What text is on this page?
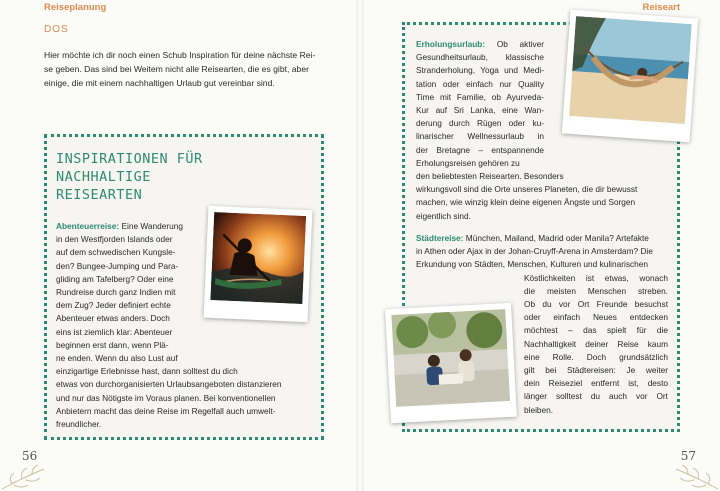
Reiseplanung
DOS
Hier möchte ich dir noch einen Schub Inspiration für deine nächste Rei-
se geben. Das sind bei Weitem nicht alle Reisearten, die es gibt, aber
einige, die mit einem nachhaltigen Urlaub gut vereinbar sind.
INSPIRATIONEN FÜR NACHHALTIGE
REISEARTEN
Abenteuerreise: Eine Wanderung
in den Westfjorden Islands oder
auf dem schwedischen Kungsle-
den? Bungee-Jumping und Para-
gliding am Tafelberg? Oder eine
Rundreise durch ganz Indien mit
dem Zug? Jeder definiert echte
Abenteuer etwas anders. Doch
eins ist ziemlich klar: Abenteuer
beginnen erst dann, wenn Plä-
ne enden. Wenn du also Lust auf
einzigartige Erlebnisse hast, dann solltest du dich
etwas von durchorganisierten Urlaubsangeboten distanzieren
und nur das Nötigste im Voraus planen. Bei konventionellen
Anbietern macht das deine Reise im Regelfall auch umwelt-
freundlicher.
56
Reiseart
Erholungsurlaub: Ob aktiver
Gesundheitsurlaub, klassische
Stranderholung, Yoga und Medi-
tation oder einfach nur Quality
Time mit Familie, ob Ayurveda-
Kur auf Sri Lanka, eine Wan-
derung durch Rügen oder ku-
linarischer Wellnessurlaub in
der Bretagne – entspannende
Erholungsreisen gehören zu
den beliebtesten Reisearten. Besonders
wirkungsvoll sind die Orte unseres Planeten, die dir bewusst
machen, wie winzig klein deine eigenen Ängste und Sorgen
eigentlich sind.
Städtereise: München, Mailand, Madrid oder Manila? Artefakte
in Athen oder Ajax in der Johan-Cruyff-Arena in Amsterdam? Die
Erkundung von Städten, Menschen, Kulturen und kulinarischen
Köstlichkeiten ist etwas, wonach
die meisten Menschen streben.
Ob du vor Ort Freunde besuchst
oder einfach Neues entdecken
möchtest – das spielt für die
Nachhaltigkeit deiner Reise kaum
eine Rolle. Doch grundsätzlich
gilt bei Städtereisen: Je weiter
dein Reiseziel entfernt ist, desto
länger solltest du auch vor Ort
bleiben.
57
